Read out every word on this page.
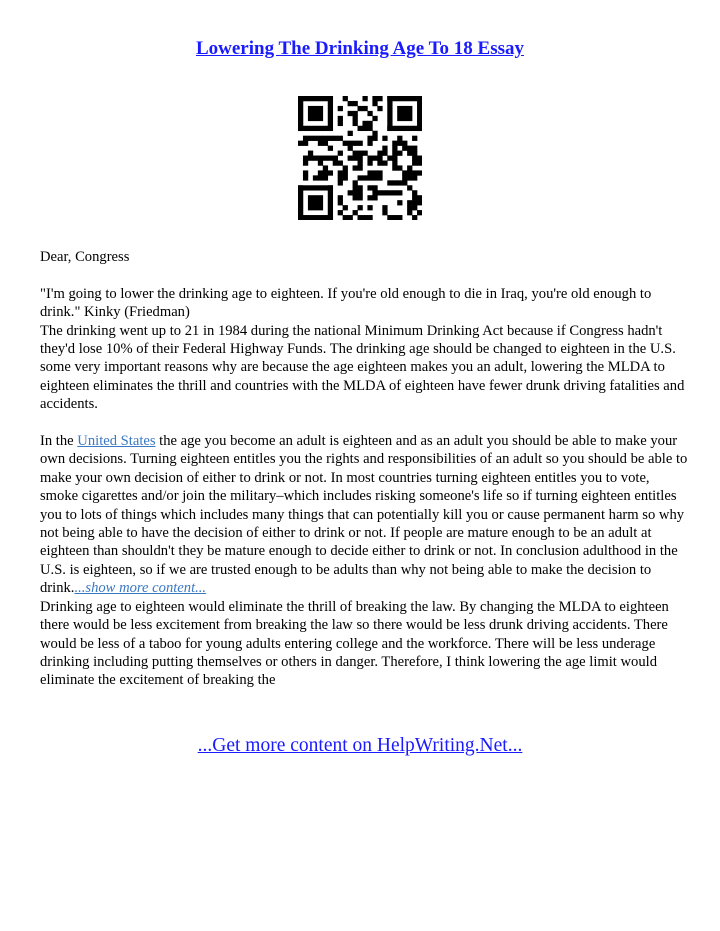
Lowering The Drinking Age To 18 Essay

Dear, Congress

"I'm going to lower the drinking age to eighteen. If you're old enough to die in Iraq, you're old enough to drink." Kinky (Friedman)

The drinking went up to 21 in 1984 during the national Minimum Drinking Act because if Congress hadn't they'd lose 10% of their Federal Highway Funds. The drinking age should be changed to eighteen in the U.S. some very important reasons why are because the age eighteen makes you an adult, lowering the MLDA to eighteen eliminates the thrill and countries with the MLDA of eighteen have fewer drunk driving fatalities and accidents.

In the United States the age you become an adult is eighteen and as an adult you should be able to make your own decisions. Turning eighteen entitles you the rights and responsibilities of an adult so you should be able to make your own decision of either to drink or not. In most countries turning eighteen entitles you to vote, smoke cigarettes and/or join the military–which includes risking someone's life so if turning eighteen entitles you to lots of things which includes many things that can potentially kill you or cause permanent harm so why not being able to have the decision of either to drink or not. If people are mature enough to be an adult at eighteen than shouldn't they be mature enough to decide either to drink or not. In conclusion adulthood in the U.S. is eighteen, so if we are trusted enough to be adults than why not being able to make the decision to drink....show more content...

Drinking age to eighteen would eliminate the thrill of breaking the law. By changing the MLDA to eighteen there would be less excitement from breaking the law so there would be less drunk driving accidents. There would be less of a taboo for young adults entering college and the workforce. There will be less underage drinking including putting themselves or others in danger. Therefore, I think lowering the age limit would eliminate the excitement of breaking the

...Get more content on HelpWriting.Net...
